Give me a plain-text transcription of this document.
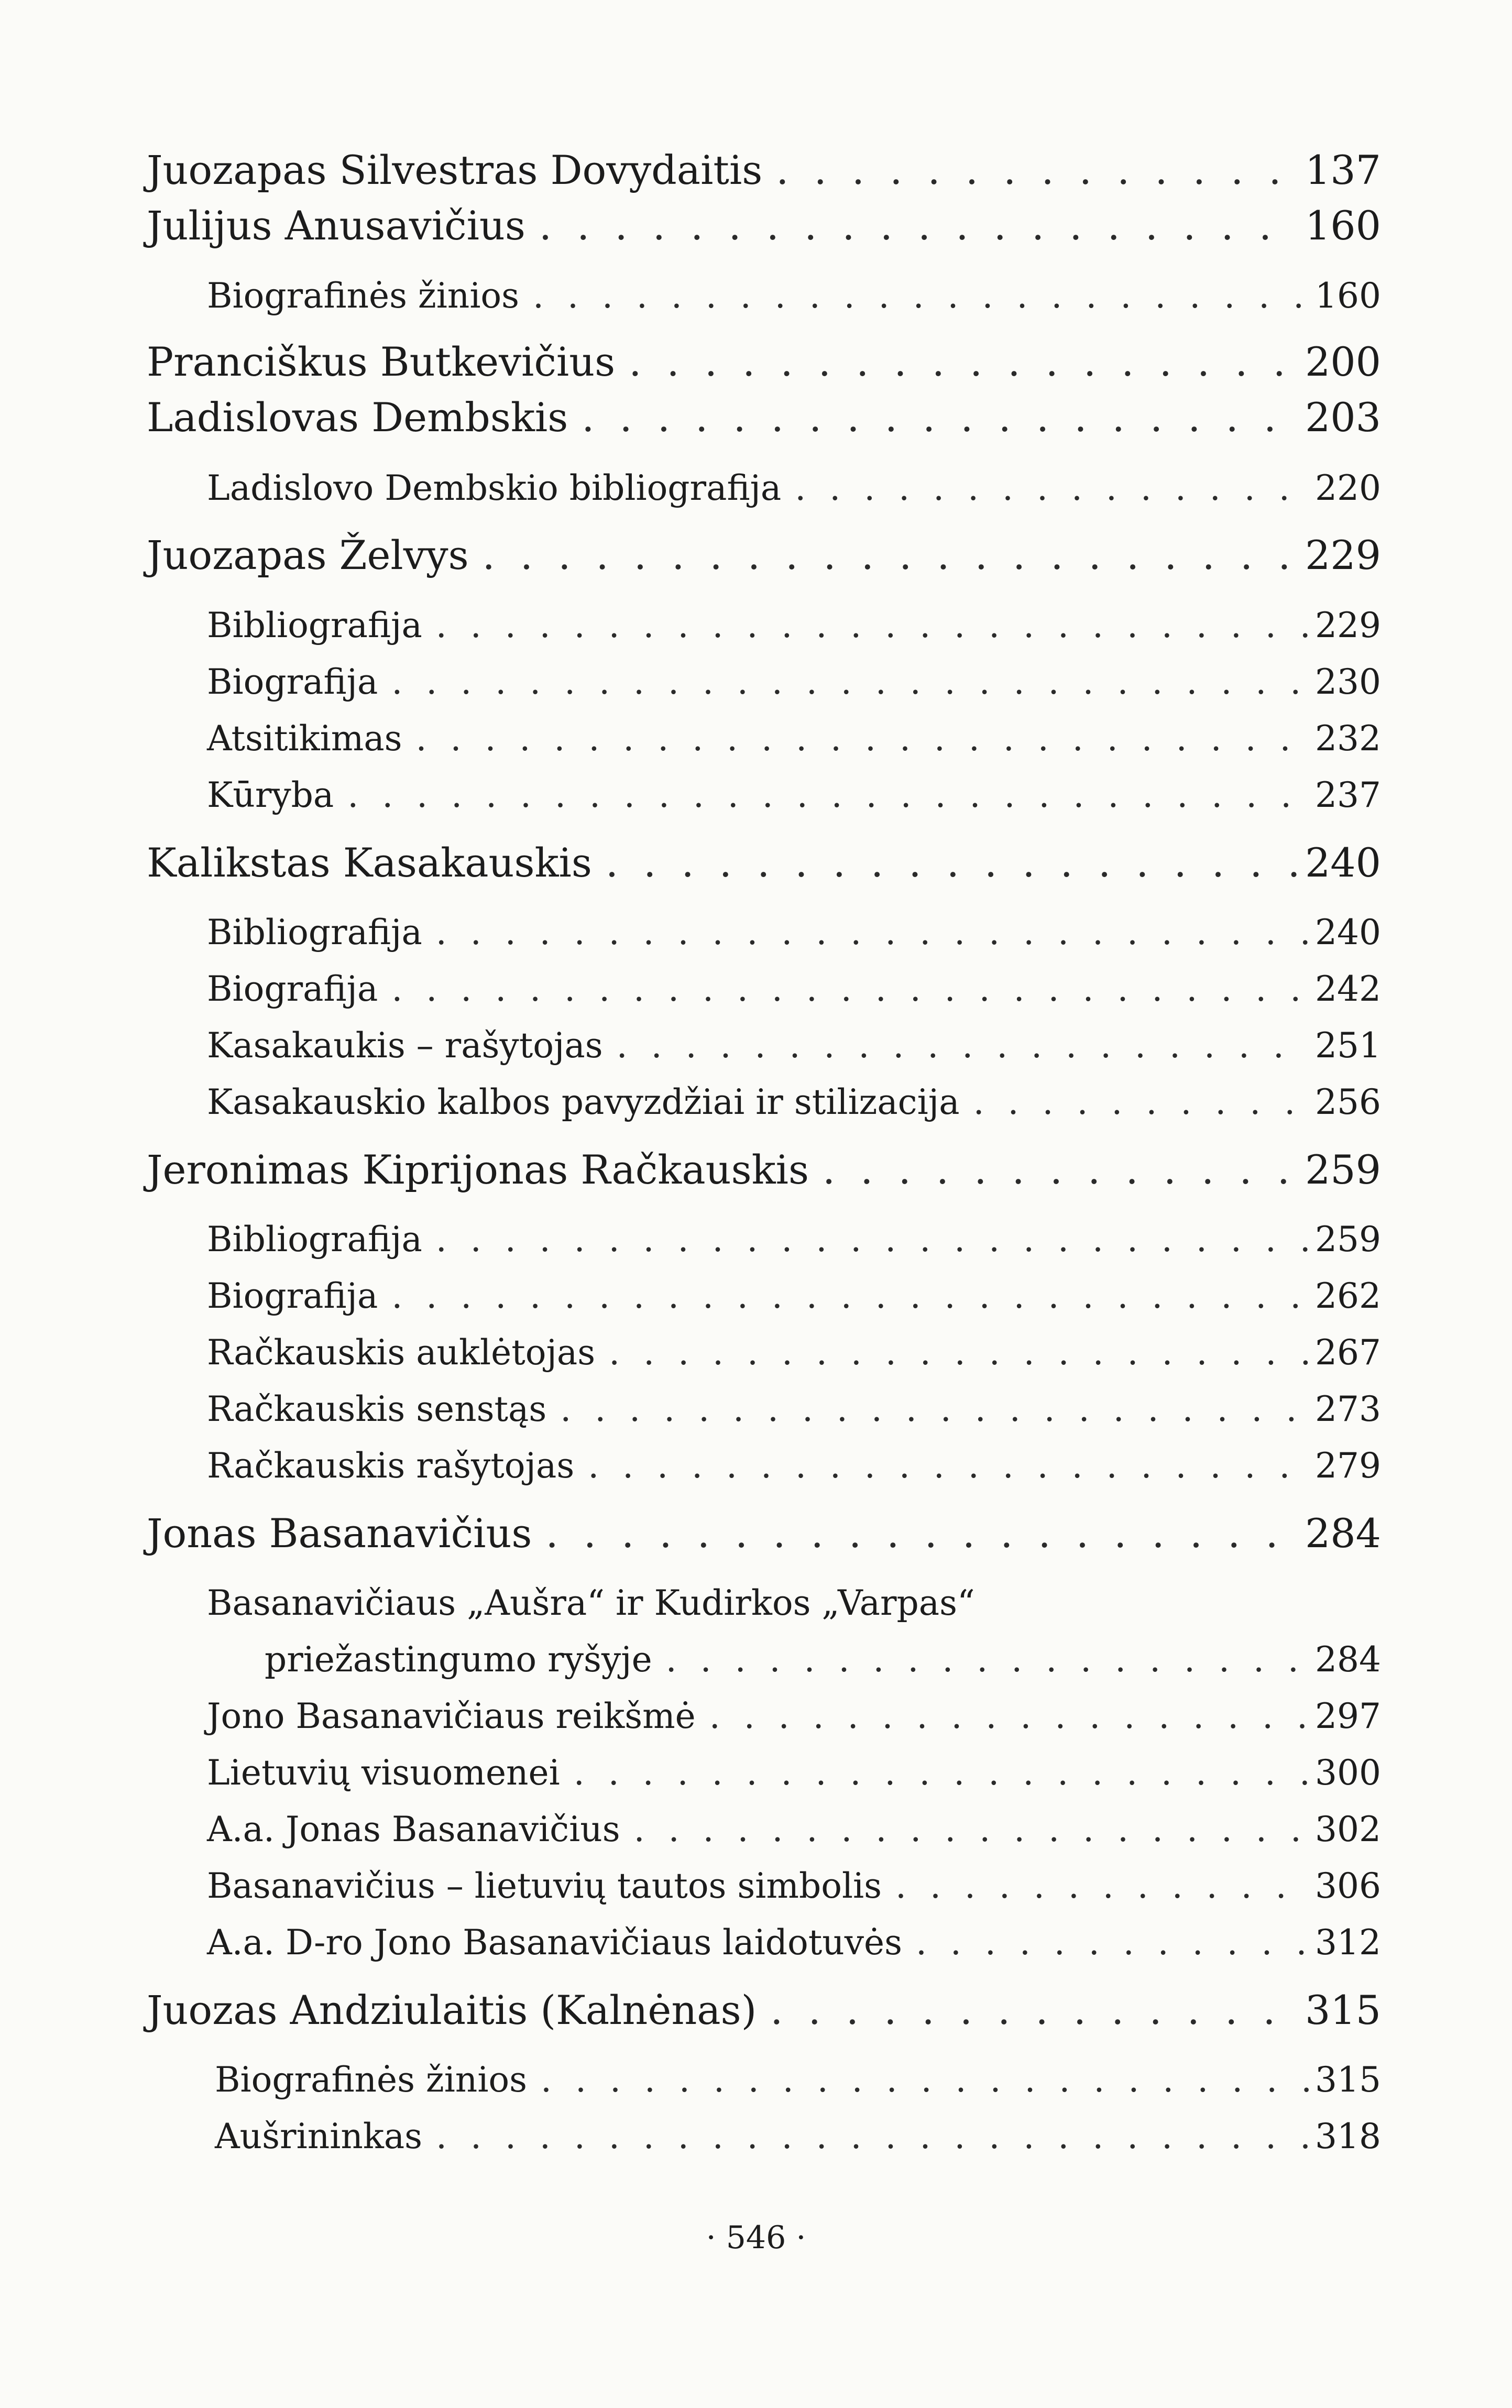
Juozapas Silvestras Dovydaitis . . .	137
Julijus Anusavičius . . .	160
Biografinės žinios . . .	160
Pranciškus Butkevičius . . .	200
Ladislovas Dembskis . . .	203
Ladislovo Dembskio bibliografija . . .	220
Juozapas Želvys . . .	229
Bibliografija . . .	229
Biografija . . .	230
Atsitikimas . . .	232
Kūryba . . .	237
Kalikstas Kasakauskis . . .	240
Bibliografija . . .	240
Biografija . . .	242
Kasakaukis – rašytojas . . .	251
Kasakauskio kalbos pavyzdžiai ir stilizacija . . .	256
Jeronimas Kiprijonas Račkauskis . . .	259
Bibliografija . . .	259
Biografija . . .	262
Račkauskis auklėtojas . . .	267
Račkauskis senstąs . . .	273
Račkauskis rašytojas . . .	279
Jonas Basanavičius . . .	284
Basanavičiaus „Aušra“ ir Kudirkos „Varpas“
priežastingumo ryšyje . . .	284
Jono Basanavičiaus reikšmė . . .	297
Lietuvių visuomenei . . .	300
A.a. Jonas Basanavičius . . .	302
Basanavičius – lietuvių tautos simbolis . . .	306
A.a. D-ro Jono Basanavičiaus laidotuvės . . .	312
Juozas Andziulaitis (Kalnėnas) . . .	315
Biografinės žinios . . .	315
Aušrininkas . . .	318
· 546 ·
